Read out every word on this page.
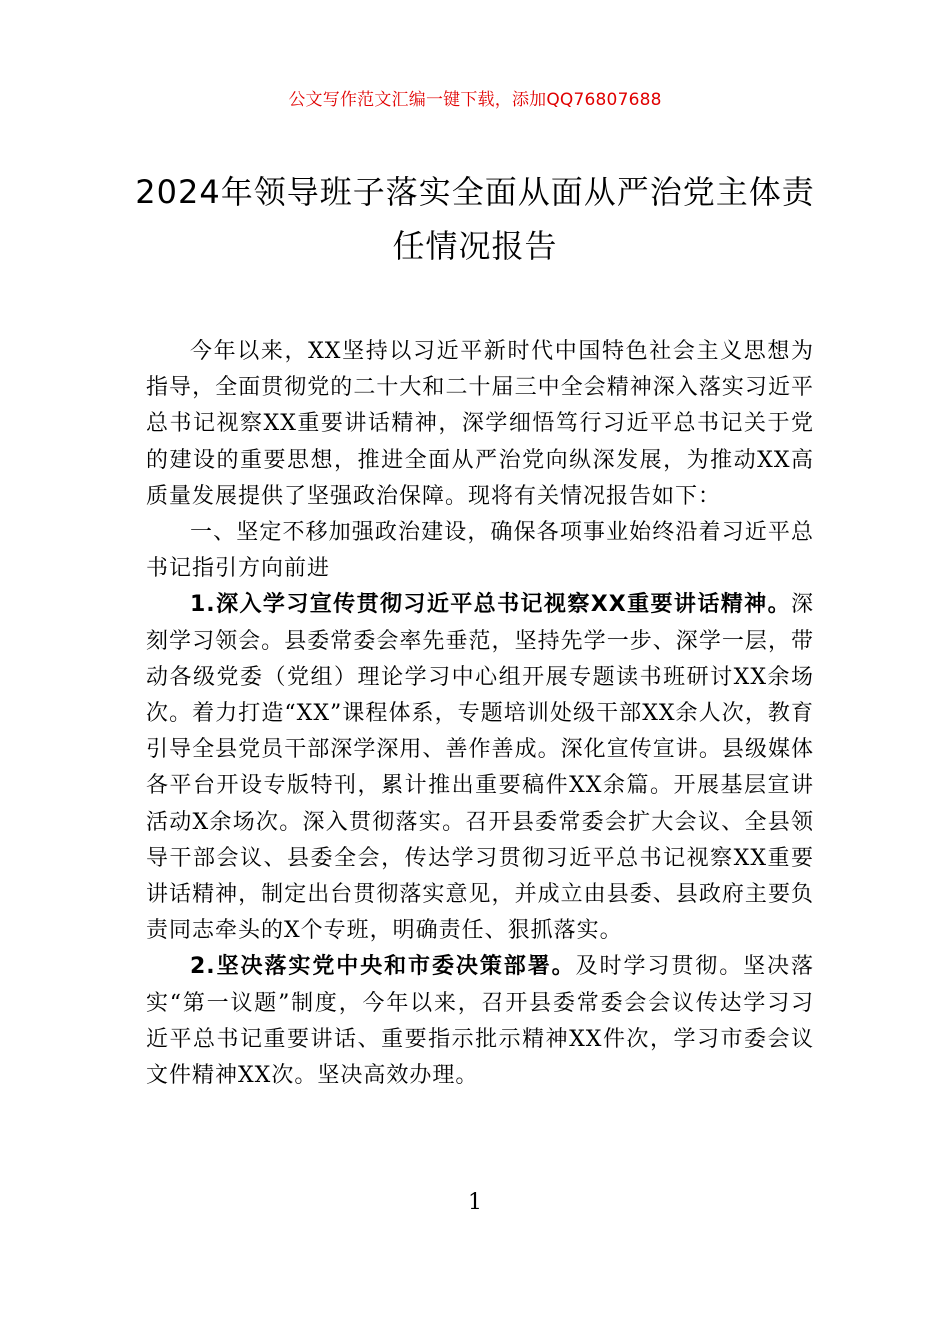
公文写作范文汇编一键下载，添加QQ76807688
2024年领导班子落实全面从面从严治党主体责任情况报告

今年以来，XX坚持以习近平新时代中国特色社会主义思想为指导，全面贯彻党的二十大和二十届三中全会精神深入落实习近平总书记视察XX重要讲话精神，深学细悟笃行习近平总书记关于党的建设的重要思想，推进全面从严治党向纵深发展，为推动XX高质量发展提供了坚强政治保障。现将有关情况报告如下：

一、坚定不移加强政治建设，确保各项事业始终沿着习近平总书记指引方向前进

1.深入学习宣传贯彻习近平总书记视察XX重要讲话精神。深刻学习领会。县委常委会率先垂范，坚持先学一步、深学一层，带动各级党委（党组）理论学习中心组开展专题读书班研讨XX余场次。着力打造“XX”课程体系，专题培训处级干部XX余人次，教育引导全县党员干部深学深用、善作善成。深化宣传宣讲。县级媒体各平台开设专版特刊，累计推出重要稿件XX余篇。开展基层宣讲活动X余场次。深入贯彻落实。召开县委常委会扩大会议、全县领导干部会议、县委全会，传达学习贯彻习近平总书记视察XX重要讲话精神，制定出台贯彻落实意见，并成立由县委、县政府主要负责同志牵头的X个专班，明确责任、狠抓落实。

2.坚决落实党中央和市委决策部署。及时学习贯彻。坚决落实“第一议题”制度，今年以来，召开县委常委会会议传达学习习近平总书记重要讲话、重要指示批示精神XX件次，学习市委会议文件精神XX次。坚决高效办理。

1
